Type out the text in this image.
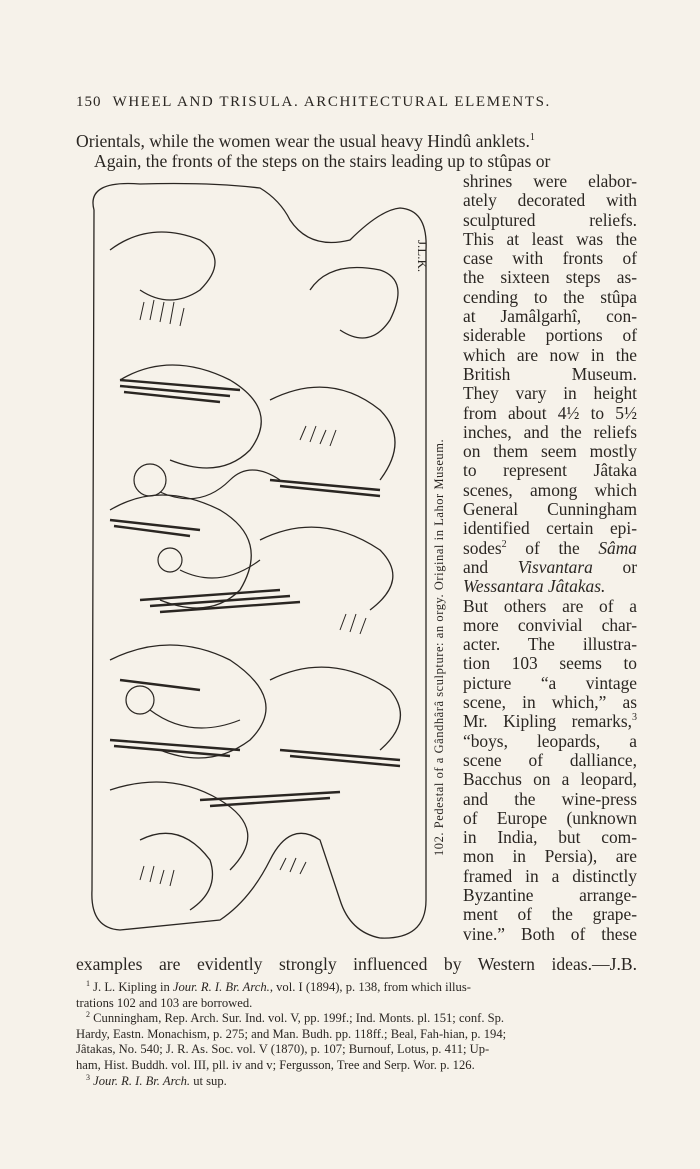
150 WHEEL AND TRISULA. ARCHITECTURAL ELEMENTS.
Orientals, while the women wear the usual heavy Hindû anklets.$^1$
Again, the fronts of the steps on the stairs leading up to stûpas or
J.L.K.
102. Pedestal of a Gândhârâ sculpture: an orgy. Original in Lahor Museum.
shrines were elabor-
ately decorated with
sculptured reliefs.
This at least was the
case with fronts of
the sixteen steps as-
cending to the stûpa
at Jamâlgarhî, con-
siderable portions of
which are now in the
British Museum.
They vary in height
from about 4½ to 5½
inches, and the reliefs
on them seem mostly
to represent Jâtaka
scenes, among which
General Cunningham
identified certain epi-
sodes$^2$ of the Sâma
and Visvantara or
Wessantara Jâtakas.
But others are of a
more convivial char-
acter. The illustra-
tion 103 seems to
picture “a vintage
scene, in which,” as
Mr. Kipling remarks,$^3$
“boys, leopards, a
scene of dalliance,
Bacchus on a leopard,
and the wine-press
of Europe (unknown
in India, but com-
mon in Persia), are
framed in a distinctly
Byzantine arrange-
ment of the grape-
vine.” Both of these
examples are evidently strongly influenced by Western ideas.—J.B.

$^1$ J. L. Kipling in Jour. R. I. Br. Arch., vol. I (1894), p. 138, from which illus-

trations 102 and 103 are borrowed.

$^2$ Cunningham, Rep. Arch. Sur. Ind. vol. V, pp. 199f.; Ind. Monts. pl. 151; conf. Sp.

Hardy, Eastn. Monachism, p. 275; and Man. Budh. pp. 118ff.; Beal, Fah-hian, p. 194;

Jâtakas, No. 540; J. R. As. Soc. vol. V (1870), p. 107; Burnouf, Lotus, p. 411; Up-

ham, Hist. Buddh. vol. III, pll. iv and v; Fergusson, Tree and Serp. Wor. p. 126.

$^3$ Jour. R. I. Br. Arch. ut sup.
